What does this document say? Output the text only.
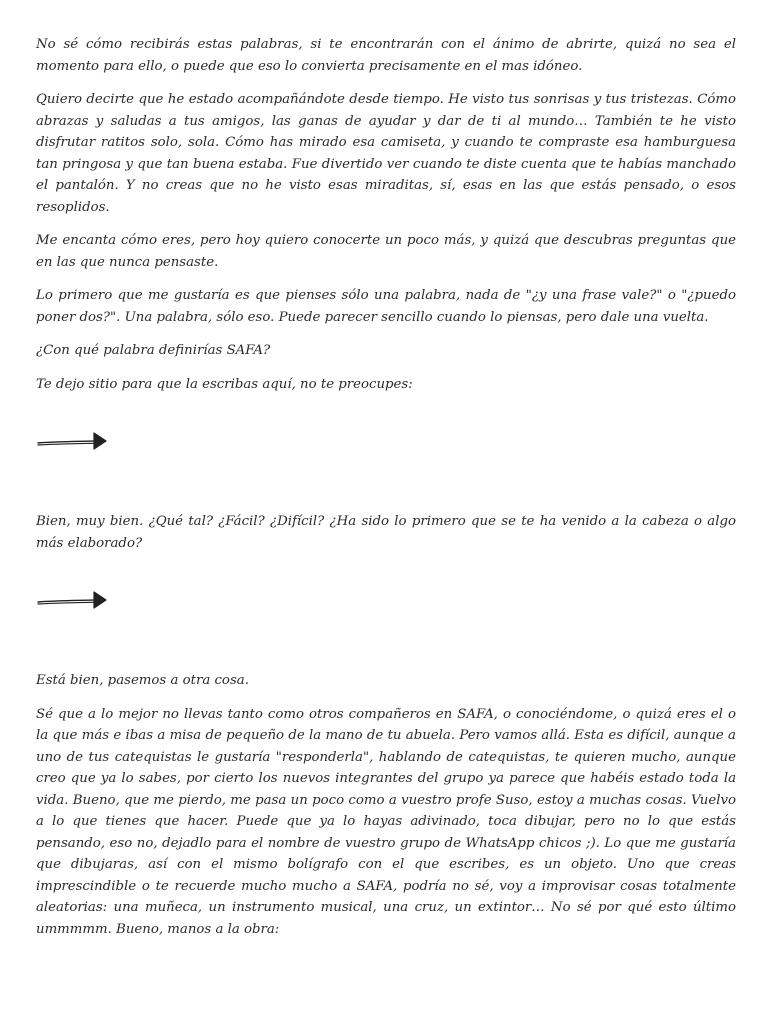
No sé cómo recibirás estas palabras, si te encontrarán con el ánimo de abrirte, quizá no sea el momento para ello, o puede que eso lo convierta precisamente en el mas idóneo.

Quiero decirte que he estado acompañándote desde tiempo. He visto tus sonrisas y tus tristezas. Cómo abrazas y saludas a tus amigos, las ganas de ayudar y dar de ti al mundo… También te he visto disfrutar ratitos solo, sola. Cómo has mirado esa camiseta, y cuando te compraste esa hamburguesa tan pringosa y que tan buena estaba. Fue divertido ver cuando te diste cuenta que te habías manchado el pantalón. Y no creas que no he visto esas miraditas, sí, esas en las que estás pensado, o esos resoplidos.

Me encanta cómo eres, pero hoy quiero conocerte un poco más, y quizá que descubras preguntas que en las que nunca pensaste.

Lo primero que me gustaría es que pienses sólo una palabra, nada de "¿y una frase vale?" o "¿puedo poner dos?". Una palabra, sólo eso. Puede parecer sencillo cuando lo piensas, pero dale una vuelta.

¿Con qué palabra definirías SAFA?

Te dejo sitio para que la escribas aquí, no te preocupes:

Bien, muy bien. ¿Qué tal? ¿Fácil? ¿Difícil? ¿Ha sido lo primero que se te ha venido a la cabeza o algo más elaborado?

Está bien, pasemos a otra cosa.

Sé que a lo mejor no llevas tanto como otros compañeros en SAFA, o conociéndome, o quizá eres el o la que más e ibas a misa de pequeño de la mano de tu abuela. Pero vamos allá. Esta es difícil, aunque a uno de tus catequistas le gustaría "responderla", hablando de catequistas, te quieren mucho, aunque creo que ya lo sabes, por cierto los nuevos integrantes del grupo ya parece que habéis estado toda la vida. Bueno, que me pierdo, me pasa un poco como a vuestro profe Suso, estoy a muchas cosas. Vuelvo a lo que tienes que hacer. Puede que ya lo hayas adivinado, toca dibujar, pero no lo que estás pensando, eso no, dejadlo para el nombre de vuestro grupo de WhatsApp chicos ;). Lo que me gustaría que dibujaras, así con el mismo bolígrafo con el que escribes, es un objeto. Uno que creas imprescindible o te recuerde mucho mucho a SAFA, podría no sé, voy a improvisar cosas totalmente aleatorias: una muñeca, un instrumento musical, una cruz, un extintor… No sé por qué esto último ummmmm. Bueno, manos a la obra:
